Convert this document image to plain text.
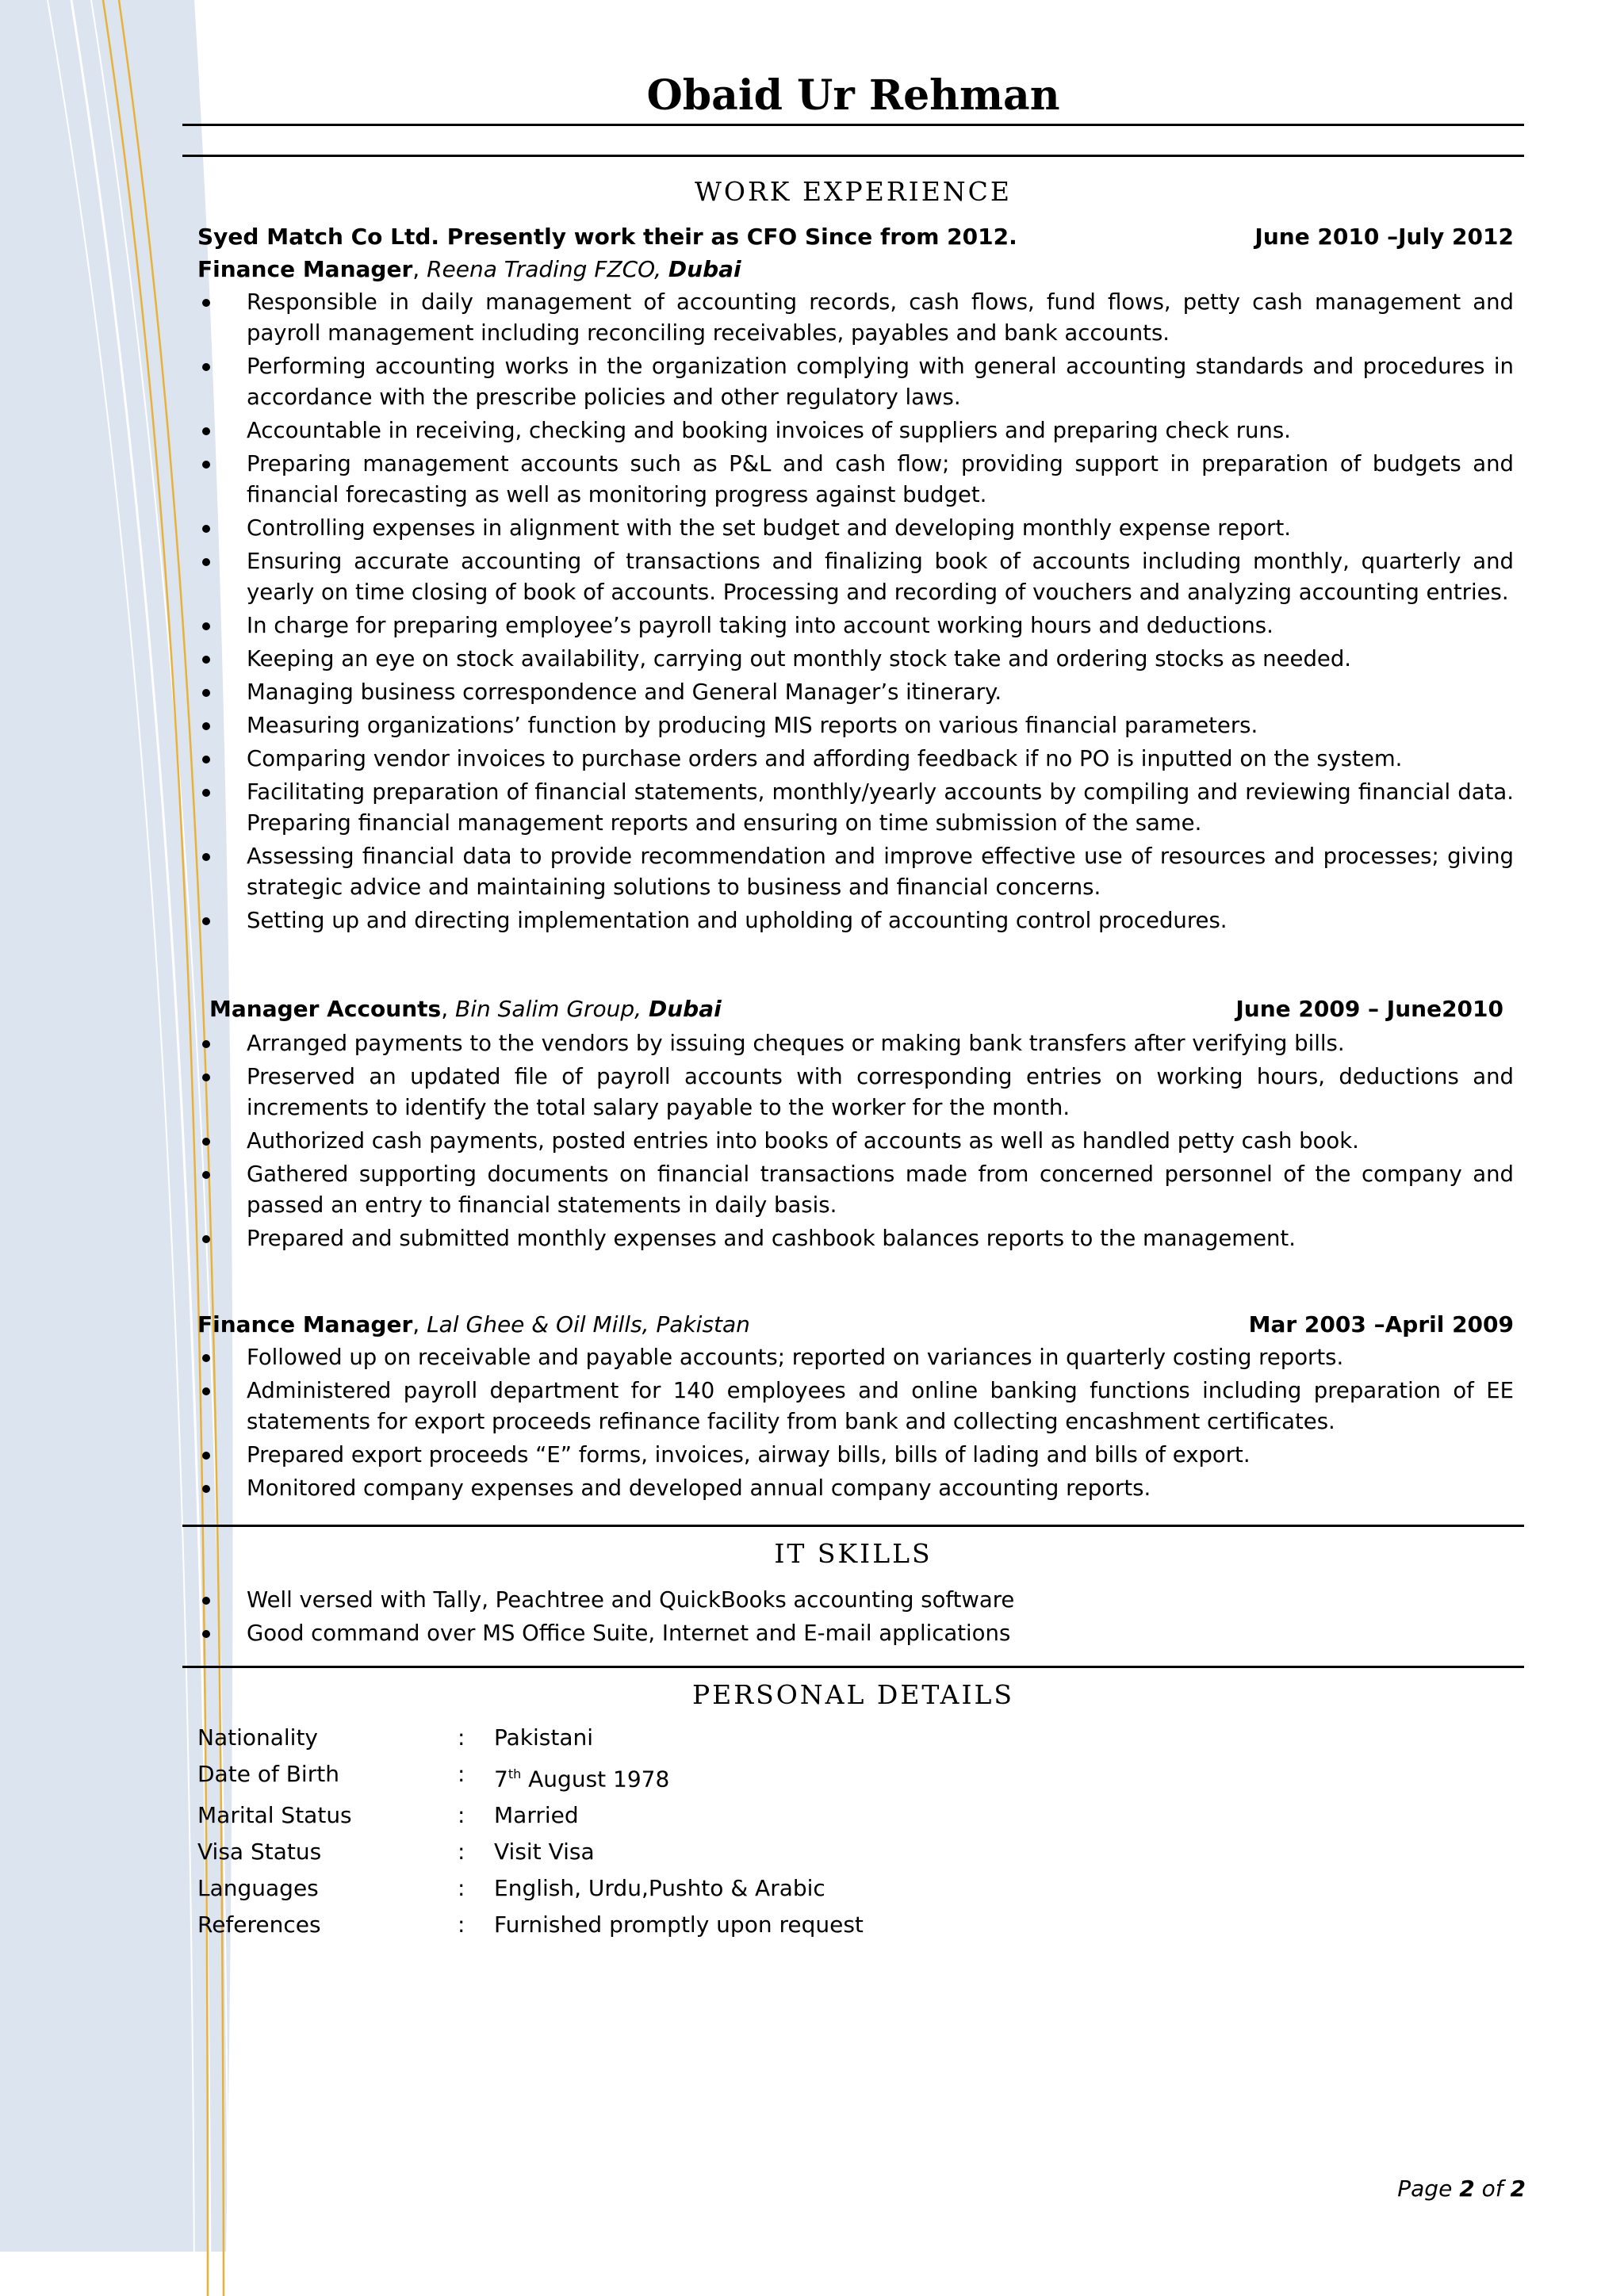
Obaid Ur Rehman
WORK EXPERIENCE
Syed Match Co Ltd. Presently work their as CFO Since from 2012.	June 2010 –July 2012
Finance Manager, Reena Trading FZCO, Dubai
Responsible in daily management of accounting records, cash flows, fund flows, petty cash management and payroll management including reconciling receivables, payables and bank accounts.
Performing accounting works in the organization complying with general accounting standards and procedures in accordance with the prescribe policies and other regulatory laws.
Accountable in receiving, checking and booking invoices of suppliers and preparing check runs.
Preparing management accounts such as P&L and cash flow; providing support in preparation of budgets and financial forecasting as well as monitoring progress against budget.
Controlling expenses in alignment with the set budget and developing monthly expense report.
Ensuring accurate accounting of transactions and finalizing book of accounts including monthly, quarterly and yearly on time closing of book of accounts. Processing and recording of vouchers and analyzing accounting entries.
In charge for preparing employee’s payroll taking into account working hours and deductions.
Keeping an eye on stock availability, carrying out monthly stock take and ordering stocks as needed.
Managing business correspondence and General Manager’s itinerary.
Measuring organizations’ function by producing MIS reports on various financial parameters.
Comparing vendor invoices to purchase orders and affording feedback if no PO is inputted on the system.
Facilitating preparation of financial statements, monthly/yearly accounts by compiling and reviewing financial data. Preparing financial management reports and ensuring on time submission of the same.
Assessing financial data to provide recommendation and improve effective use of resources and processes; giving strategic advice and maintaining solutions to business and financial concerns.
Setting up and directing implementation and upholding of accounting control procedures.
Manager Accounts, Bin Salim Group, Dubai	June 2009 – June2010
Arranged payments to the vendors by issuing cheques or making bank transfers after verifying bills.
Preserved an updated file of payroll accounts with corresponding entries on working hours, deductions and increments to identify the total salary payable to the worker for the month.
Authorized cash payments, posted entries into books of accounts as well as handled petty cash book.
Gathered supporting documents on financial transactions made from concerned personnel of the company and passed an entry to financial statements in daily basis.
Prepared and submitted monthly expenses and cashbook balances reports to the management.
Finance Manager, Lal Ghee & Oil Mills, Pakistan	Mar 2003 –April 2009
Followed up on receivable and payable accounts; reported on variances in quarterly costing reports.
Administered payroll department for 140 employees and online banking functions including preparation of EE statements for export proceeds refinance facility from bank and collecting encashment certificates.
Prepared export proceeds “E” forms, invoices, airway bills, bills of lading and bills of export.
Monitored company expenses and developed annual company accounting reports.
IT SKILLS
Well versed with Tally, Peachtree and QuickBooks accounting software
Good command over MS Office Suite, Internet and E-mail applications
PERSONAL DETAILS
Nationality	:	Pakistani
Date of Birth	:	7th August 1978
Marital Status	:	Married
Visa Status	:	Visit Visa
Languages	:	English, Urdu,Pushto & Arabic
References	:	Furnished promptly upon request
Page 2 of 2
